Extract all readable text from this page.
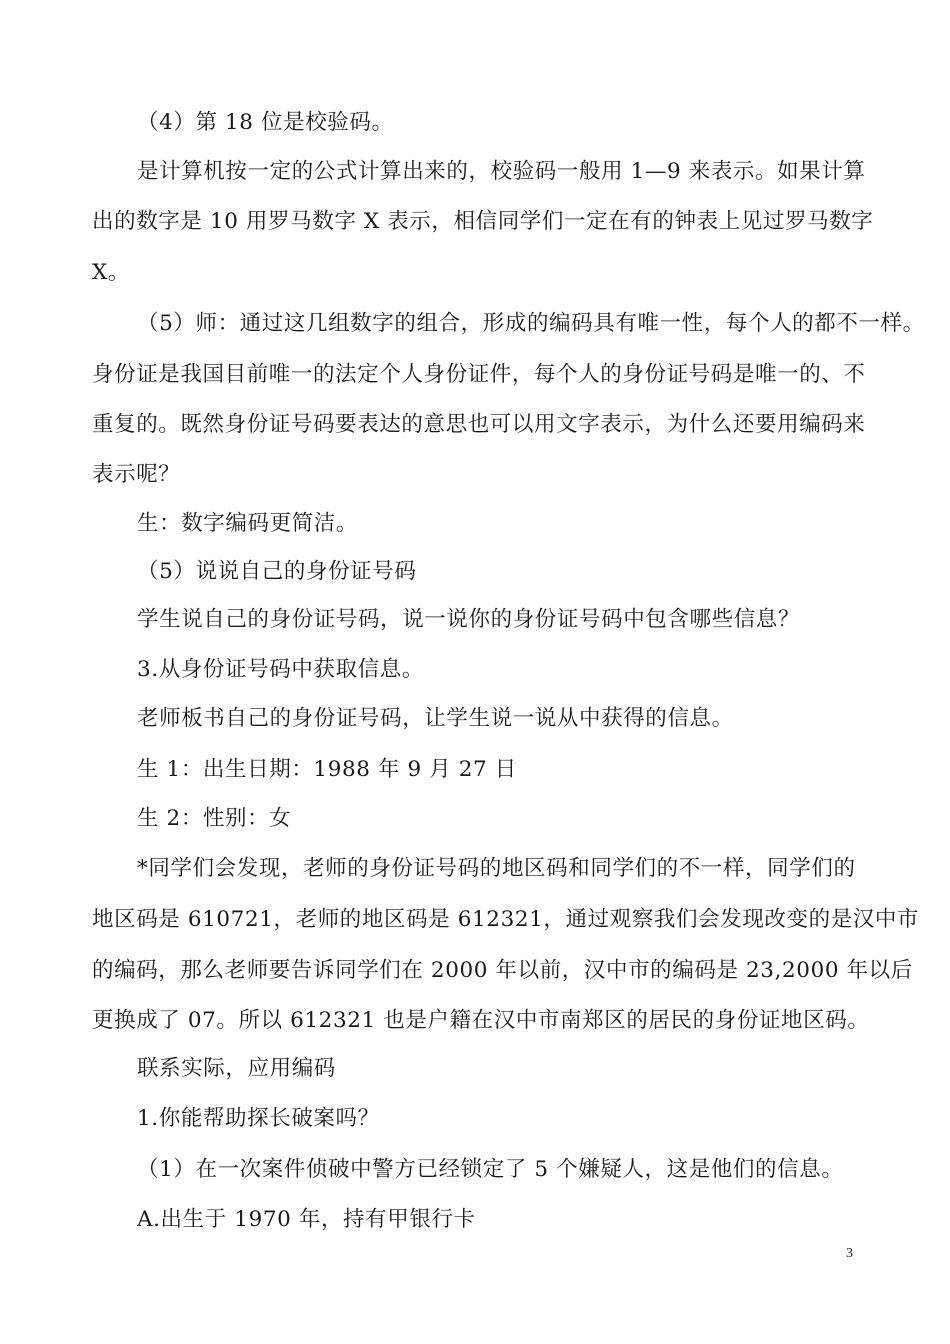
（4）第 18 位是校验码。
是计算机按一定的公式计算出来的，校验码一般用 1—9 来表示。如果计算
出的数字是 10 用罗马数字 X 表示，相信同学们一定在有的钟表上见过罗马数字
X。
（5）师：通过这几组数字的组合，形成的编码具有唯一性，每个人的都不一样。
身份证是我国目前唯一的法定个人身份证件，每个人的身份证号码是唯一的、不
重复的。既然身份证号码要表达的意思也可以用文字表示，为什么还要用编码来
表示呢？
生：数字编码更简洁。
（5）说说自己的身份证号码
学生说自己的身份证号码，说一说你的身份证号码中包含哪些信息？
3.从身份证号码中获取信息。
老师板书自己的身份证号码，让学生说一说从中获得的信息。
生 1：出生日期：1988 年 9 月 27 日
生 2：性别：女
*同学们会发现，老师的身份证号码的地区码和同学们的不一样，同学们的
地区码是 610721，老师的地区码是 612321，通过观察我们会发现改变的是汉中市
的编码，那么老师要告诉同学们在 2000 年以前，汉中市的编码是 23,2000 年以后
更换成了 07。所以 612321 也是户籍在汉中市南郑区的居民的身份证地区码。
联系实际，应用编码
1.你能帮助探长破案吗？
（1）在一次案件侦破中警方已经锁定了 5 个嫌疑人，这是他们的信息。
A.出生于 1970 年，持有甲银行卡
3
